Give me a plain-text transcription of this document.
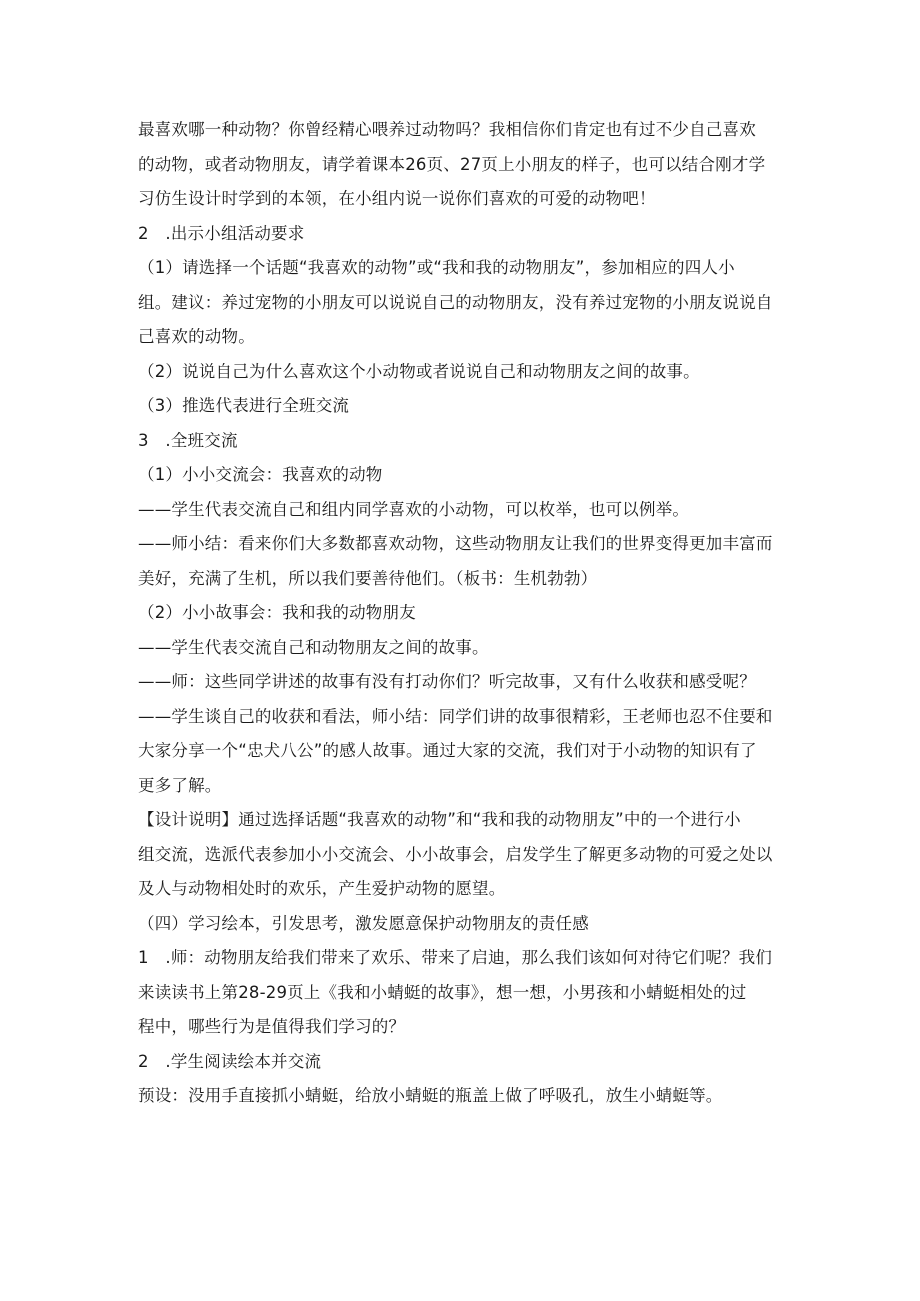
最喜欢哪一种动物？你曾经精心喂养过动物吗？我相信你们肯定也有过不少自己喜欢
的动物，或者动物朋友，请学着课本26页、27页上小朋友的样子，也可以结合刚才学
习仿生设计时学到的本领，在小组内说一说你们喜欢的可爱的动物吧！
2　.出示小组活动要求
（1）请选择一个话题“我喜欢的动物”或“我和我的动物朋友”，参加相应的四人小
组。建议：养过宠物的小朋友可以说说自己的动物朋友，没有养过宠物的小朋友说说自
己喜欢的动物。
（2）说说自己为什么喜欢这个小动物或者说说自己和动物朋友之间的故事。
（3）推选代表进行全班交流
3　.全班交流
（1）小小交流会：我喜欢的动物
——学生代表交流自己和组内同学喜欢的小动物，可以枚举，也可以例举。
——师小结：看来你们大多数都喜欢动物，这些动物朋友让我们的世界变得更加丰富而
美好，充满了生机，所以我们要善待他们。（板书：生机勃勃）
（2）小小故事会：我和我的动物朋友
——学生代表交流自己和动物朋友之间的故事。
——师：这些同学讲述的故事有没有打动你们？听完故事，又有什么收获和感受呢？
——学生谈自己的收获和看法，师小结：同学们讲的故事很精彩，王老师也忍不住要和
大家分享一个“忠犬八公”的感人故事。通过大家的交流，我们对于小动物的知识有了
更多了解。
【设计说明】通过选择话题“我喜欢的动物”和“我和我的动物朋友”中的一个进行小
组交流，选派代表参加小小交流会、小小故事会，启发学生了解更多动物的可爱之处以
及人与动物相处时的欢乐，产生爱护动物的愿望。
（四）学习绘本，引发思考，激发愿意保护动物朋友的责任感
1　.师：动物朋友给我们带来了欢乐、带来了启迪，那么我们该如何对待它们呢？我们
来读读书上第28-29页上《我和小蜻蜓的故事》，想一想，小男孩和小蜻蜓相处的过
程中，哪些行为是值得我们学习的？
2　.学生阅读绘本并交流
预设：没用手直接抓小蜻蜓，给放小蜻蜓的瓶盖上做了呼吸孔，放生小蜻蜓等。
